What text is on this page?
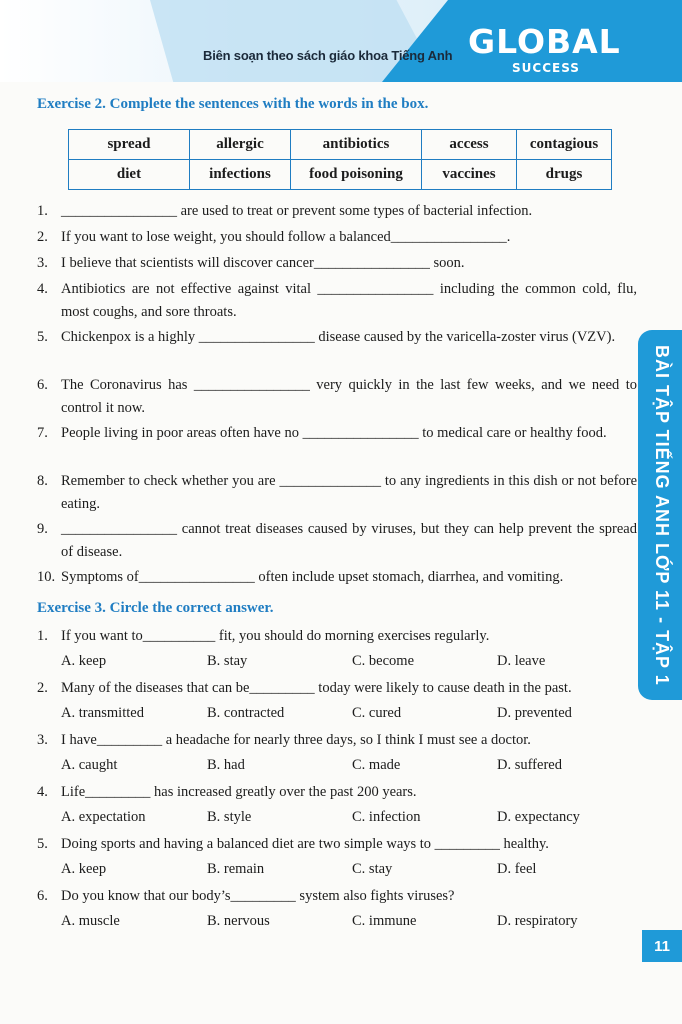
Biên soạn theo sách giáo khoa Tiếng Anh GLOBAL
SUCCESS
BÀI TẬP TIẾNG ANH LỚP 11 - TẬP 1
11
Exercise 2. Complete the sentences with the words in the box.
spread	allergic	antibiotics	access	contagious
diet	infections	food poisoning	vaccines	drugs
1. ________________ are used to treat or prevent some types of bacterial infection.
2. If you want to lose weight, you should follow a balanced________________.
3. I believe that scientists will discover cancer________________ soon.
4. Antibiotics are not effective against vital ________________ including the common cold, flu, most coughs, and sore throats.
5. Chickenpox is a highly ________________ disease caused by the varicella-zoster virus (VZV).
6. The Coronavirus has ________________ very quickly in the last few weeks, and we need to control it now.
7. People living in poor areas often have no ________________ to medical care or healthy food.
8. Remember to check whether you are ______________ to any ingredients in this dish or not before eating.
9. ________________ cannot treat diseases caused by viruses, but they can help prevent the spread of disease.
10. Symptoms of________________ often include upset stomach, diarrhea, and vomiting.
Exercise 3. Circle the correct answer.
1. If you want to__________ fit, you should do morning exercises regularly.
A. keep	B. stay	C. become	D. leave
2. Many of the diseases that can be_________ today were likely to cause death in the past.
A. transmitted	B. contracted	C. cured	D. prevented
3. I have_________ a headache for nearly three days, so I think I must see a doctor.
A. caught	B. had	C. made	D. suffered
4. Life_________ has increased greatly over the past 200 years.
A. expectation	B. style	C. infection	D. expectancy
5. Doing sports and having a balanced diet are two simple ways to _________ healthy.
A. keep	B. remain	C. stay	D. feel
6. Do you know that our body’s_________ system also fights viruses?
A. muscle	B. nervous	C. immune	D. respiratory
